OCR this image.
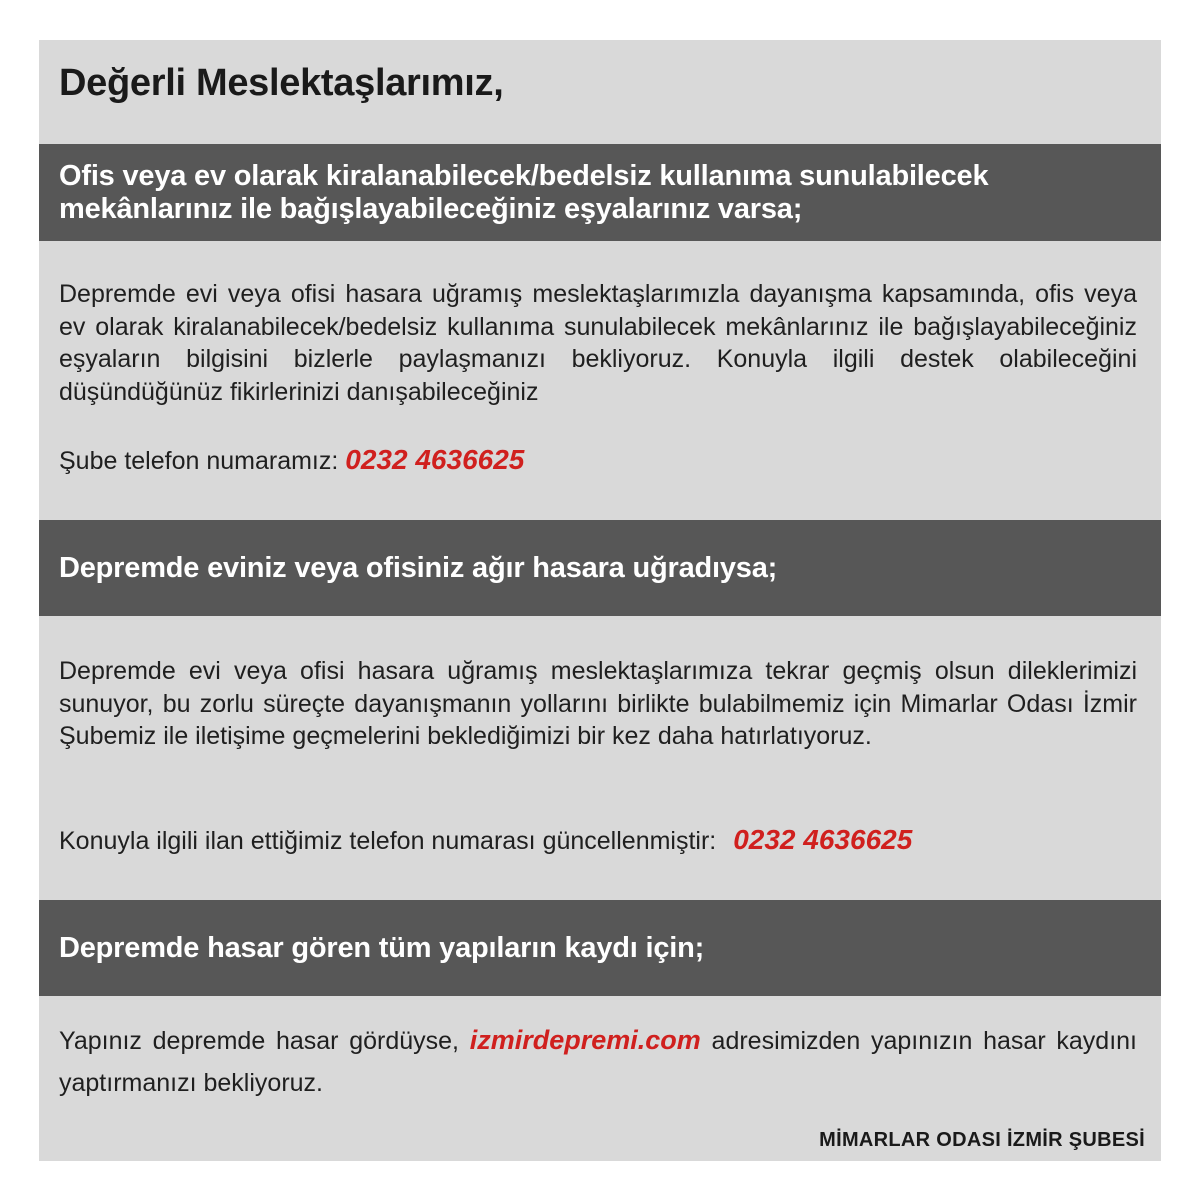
Değerli Meslektaşlarımız,
Ofis veya ev olarak kiralanabilecek/bedelsiz kullanıma sunulabilecek mekânlarınız ile bağışlayabileceğiniz eşyalarınız varsa;
Depremde evi veya ofisi hasara uğramış meslektaşlarımızla dayanışma kapsamında, ofis veya ev olarak kiralanabilecek/bedelsiz kullanıma sunulabilecek mekânlarınız ile bağışlayabileceğiniz eşyaların bilgisini bizlerle paylaşmanızı bekliyoruz. Konuyla ilgili destek olabileceğini düşündüğünüz fikirlerinizi danışabileceğiniz
Şube telefon numaramız: 0232 4636625
Depremde eviniz veya ofisiniz ağır hasara uğradıysa;
Depremde evi veya ofisi hasara uğramış meslektaşlarımıza tekrar geçmiş olsun dileklerimizi sunuyor, bu zorlu süreçte dayanışmanın yollarını birlikte bulabilmemiz için Mimarlar Odası İzmir Şubemiz ile iletişime geçmelerini beklediğimizi bir kez daha hatırlatıyoruz.
Konuyla ilgili ilan ettiğimiz telefon numarası güncellenmiştir: 0232 4636625
Depremde hasar gören tüm yapıların kaydı için;
Yapınız depremde hasar gördüyse, izmirdepremi.com adresimizden yapınızın hasar kaydını yaptırmanızı bekliyoruz.
MİMARLAR ODASI İZMİR ŞUBESİ
